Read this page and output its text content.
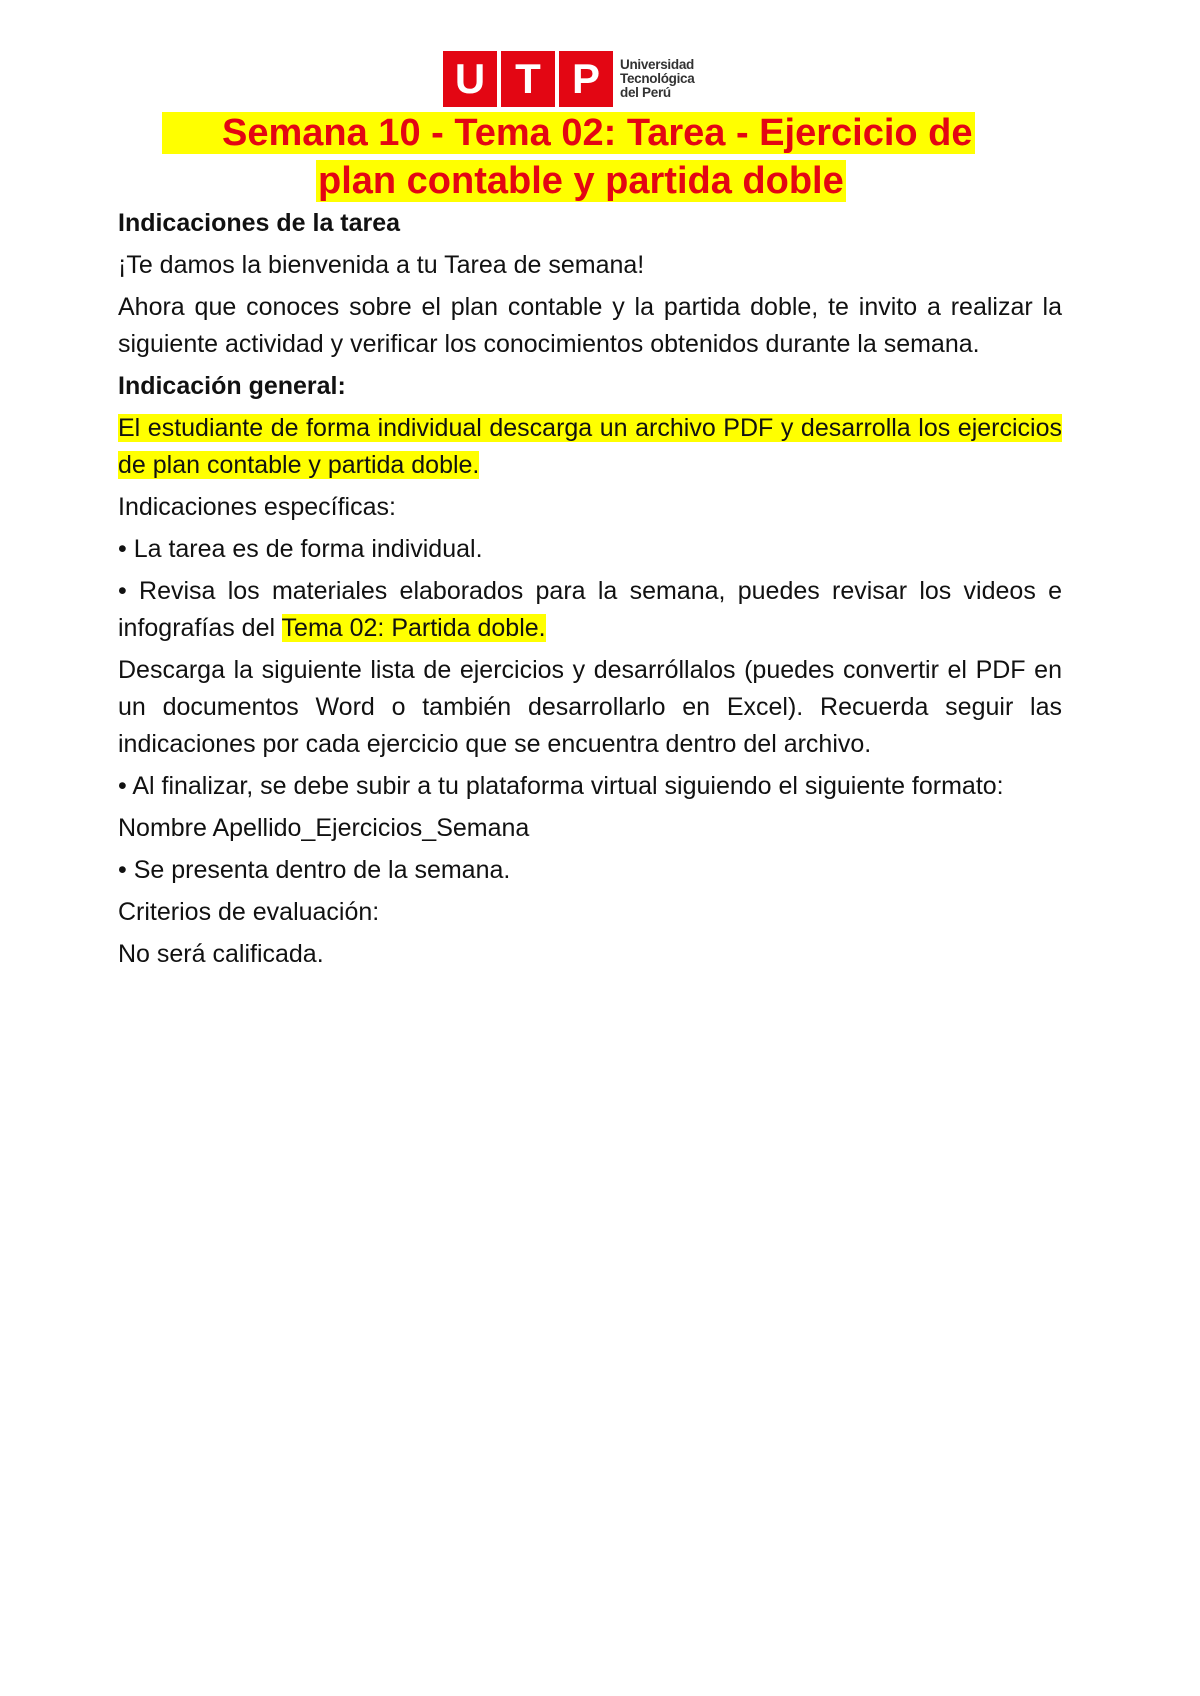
U T P	Universidad
Tecnológica
del Perú
Semana 10 - Tema 02: Tarea - Ejercicio de
plan contable y partida doble

Indicaciones de la tarea

¡Te damos la bienvenida a tu Tarea de semana!

Ahora que conoces sobre el plan contable y la partida doble, te invito a realizar la siguiente actividad y verificar los conocimientos obtenidos durante la semana.

Indicación general:

El estudiante de forma individual descarga un archivo PDF y desarrolla los ejercicios de plan contable y partida doble.

Indicaciones específicas:

• La tarea es de forma individual.

• Revisa los materiales elaborados para la semana, puedes revisar los videos e infografías del Tema 02: Partida doble.

Descarga la siguiente lista de ejercicios y desarróllalos (puedes convertir el PDF en un documentos Word o también desarrollarlo en Excel). Recuerda seguir las indicaciones por cada ejercicio que se encuentra dentro del archivo.

• Al finalizar, se debe subir a tu plataforma virtual siguiendo el siguiente formato:

Nombre Apellido_Ejercicios_Semana

• Se presenta dentro de la semana.

Criterios de evaluación:

No será calificada.
